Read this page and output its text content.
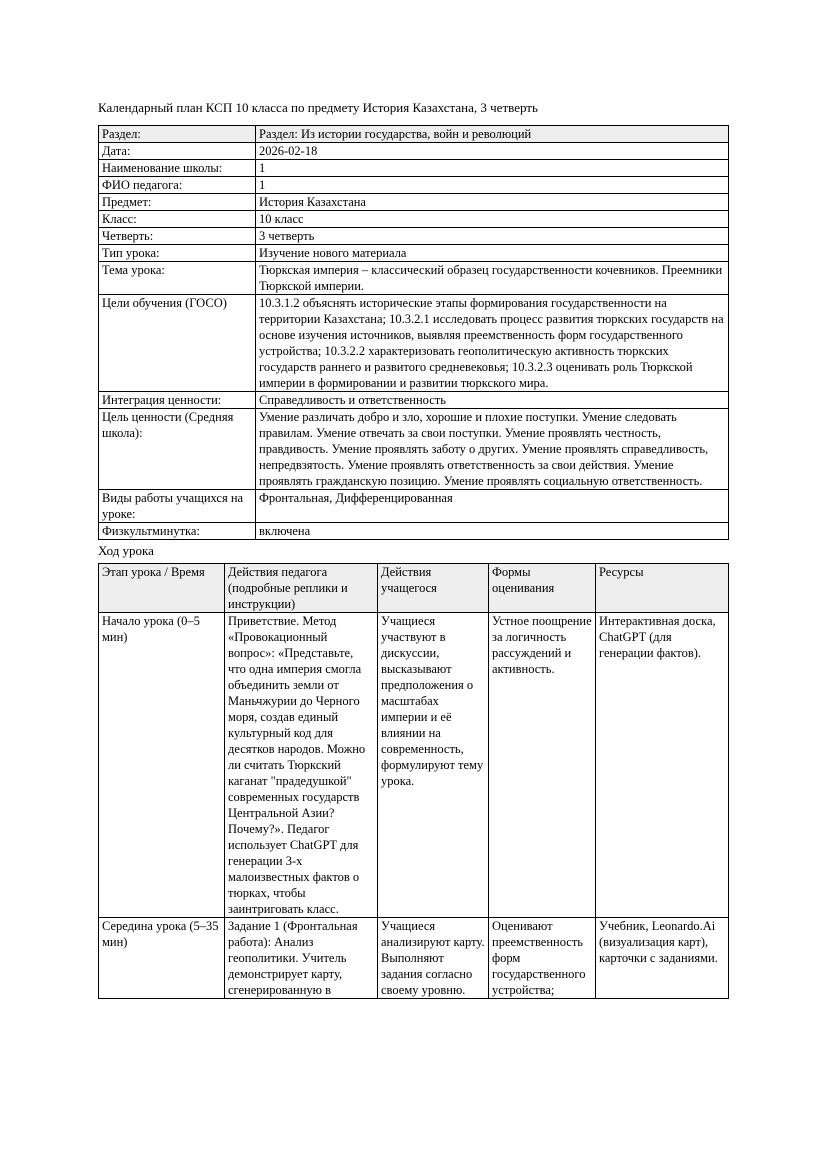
Календарный план КСП 10 класса по предмету История Казахстана, 3 четверть

Раздел:	Раздел: Из истории государства, войн и революций
Дата:	2026-02-18
Наименование школы:	1
ФИО педагога:	1
Предмет:	История Казахстана
Класс:	10 класс
Четверть:	3 четверть
Тип урока:	Изучение нового материала
Тема урока:	Тюркская империя – классический образец государственности кочевников. Преемники Тюркской империи.
Цели обучения (ГОСО)	10.3.1.2 объяснять исторические этапы формирования государственности на территории Казахстана; 10.3.2.1 исследовать процесс развития тюркских государств на основе изучения источников, выявляя преемственность форм государственного устройства; 10.3.2.2 характеризовать геополитическую активность тюркских государств раннего и развитого средневековья; 10.3.2.3 оценивать роль Тюркской империи в формировании и развитии тюркского мира.
Интеграция ценности:	Справедливость и ответственность
Цель ценности (Средняя школа):	Умение различать добро и зло, хорошие и плохие поступки. Умение следовать правилам. Умение отвечать за свои поступки. Умение проявлять честность, правдивость. Умение проявлять заботу о других. Умение проявлять справедливость, непредвзятость. Умение проявлять ответственность за свои действия. Умение проявлять гражданскую позицию. Умение проявлять социальную ответственность.
Виды работы учащихся на уроке:	Фронтальная, Дифференцированная
Физкультминутка:	включена

Ход урока

Этап урока / Время	Действия педагога (подробные реплики и инструкции)	Действия учащегося	Формы оценивания	Ресурсы
Начало урока (0–5 мин)	Приветствие. Метод «Провокационный вопрос»: «Представьте, что одна империя смогла объединить земли от Маньчжурии до Черного моря, создав единый культурный код для десятков народов. Можно ли считать Тюркский каганат "прадедушкой" современных государств Центральной Азии? Почему?». Педагог использует ChatGPT для генерации 3-х малоизвестных фактов о тюрках, чтобы заинтриговать класс.	Учащиеся участвуют в дискуссии, высказывают предположения о масштабах империи и её влиянии на современность, формулируют тему урока.	Устное поощрение за логичность рассуждений и активность.	Интерактивная доска, ChatGPT (для генерации фактов).
Середина урока (5–35 мин)	Задание 1 (Фронтальная работа): Анализ геополитики. Учитель демонстрирует карту, сгенерированную в	Учащиеся анализируют карту. Выполняют задания согласно своему уровню.	Оценивают преемственность форм государственного устройства;	Учебник, Leonardo.Ai (визуализация карт), карточки с заданиями.
